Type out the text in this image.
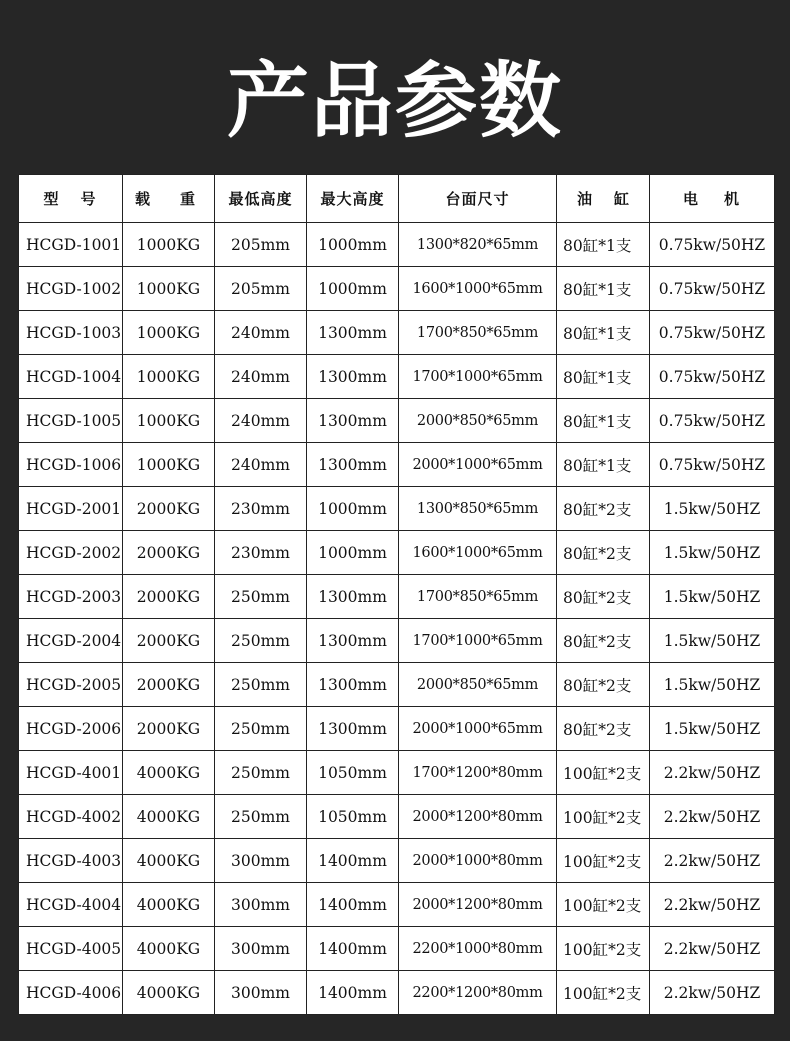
产品参数
型号	载重	最低高度	最大高度	台面尺寸	油缸	电机
HCGD-1001	1000KG	205mm	1000mm	1300*820*65mm	80缸*1支	0.75kw/50HZ
HCGD-1002	1000KG	205mm	1000mm	1600*1000*65mm	80缸*1支	0.75kw/50HZ
HCGD-1003	1000KG	240mm	1300mm	1700*850*65mm	80缸*1支	0.75kw/50HZ
HCGD-1004	1000KG	240mm	1300mm	1700*1000*65mm	80缸*1支	0.75kw/50HZ
HCGD-1005	1000KG	240mm	1300mm	2000*850*65mm	80缸*1支	0.75kw/50HZ
HCGD-1006	1000KG	240mm	1300mm	2000*1000*65mm	80缸*1支	0.75kw/50HZ
HCGD-2001	2000KG	230mm	1000mm	1300*850*65mm	80缸*2支	1.5kw/50HZ
HCGD-2002	2000KG	230mm	1000mm	1600*1000*65mm	80缸*2支	1.5kw/50HZ
HCGD-2003	2000KG	250mm	1300mm	1700*850*65mm	80缸*2支	1.5kw/50HZ
HCGD-2004	2000KG	250mm	1300mm	1700*1000*65mm	80缸*2支	1.5kw/50HZ
HCGD-2005	2000KG	250mm	1300mm	2000*850*65mm	80缸*2支	1.5kw/50HZ
HCGD-2006	2000KG	250mm	1300mm	2000*1000*65mm	80缸*2支	1.5kw/50HZ
HCGD-4001	4000KG	250mm	1050mm	1700*1200*80mm	100缸*2支	2.2kw/50HZ
HCGD-4002	4000KG	250mm	1050mm	2000*1200*80mm	100缸*2支	2.2kw/50HZ
HCGD-4003	4000KG	300mm	1400mm	2000*1000*80mm	100缸*2支	2.2kw/50HZ
HCGD-4004	4000KG	300mm	1400mm	2000*1200*80mm	100缸*2支	2.2kw/50HZ
HCGD-4005	4000KG	300mm	1400mm	2200*1000*80mm	100缸*2支	2.2kw/50HZ
HCGD-4006	4000KG	300mm	1400mm	2200*1200*80mm	100缸*2支	2.2kw/50HZ
